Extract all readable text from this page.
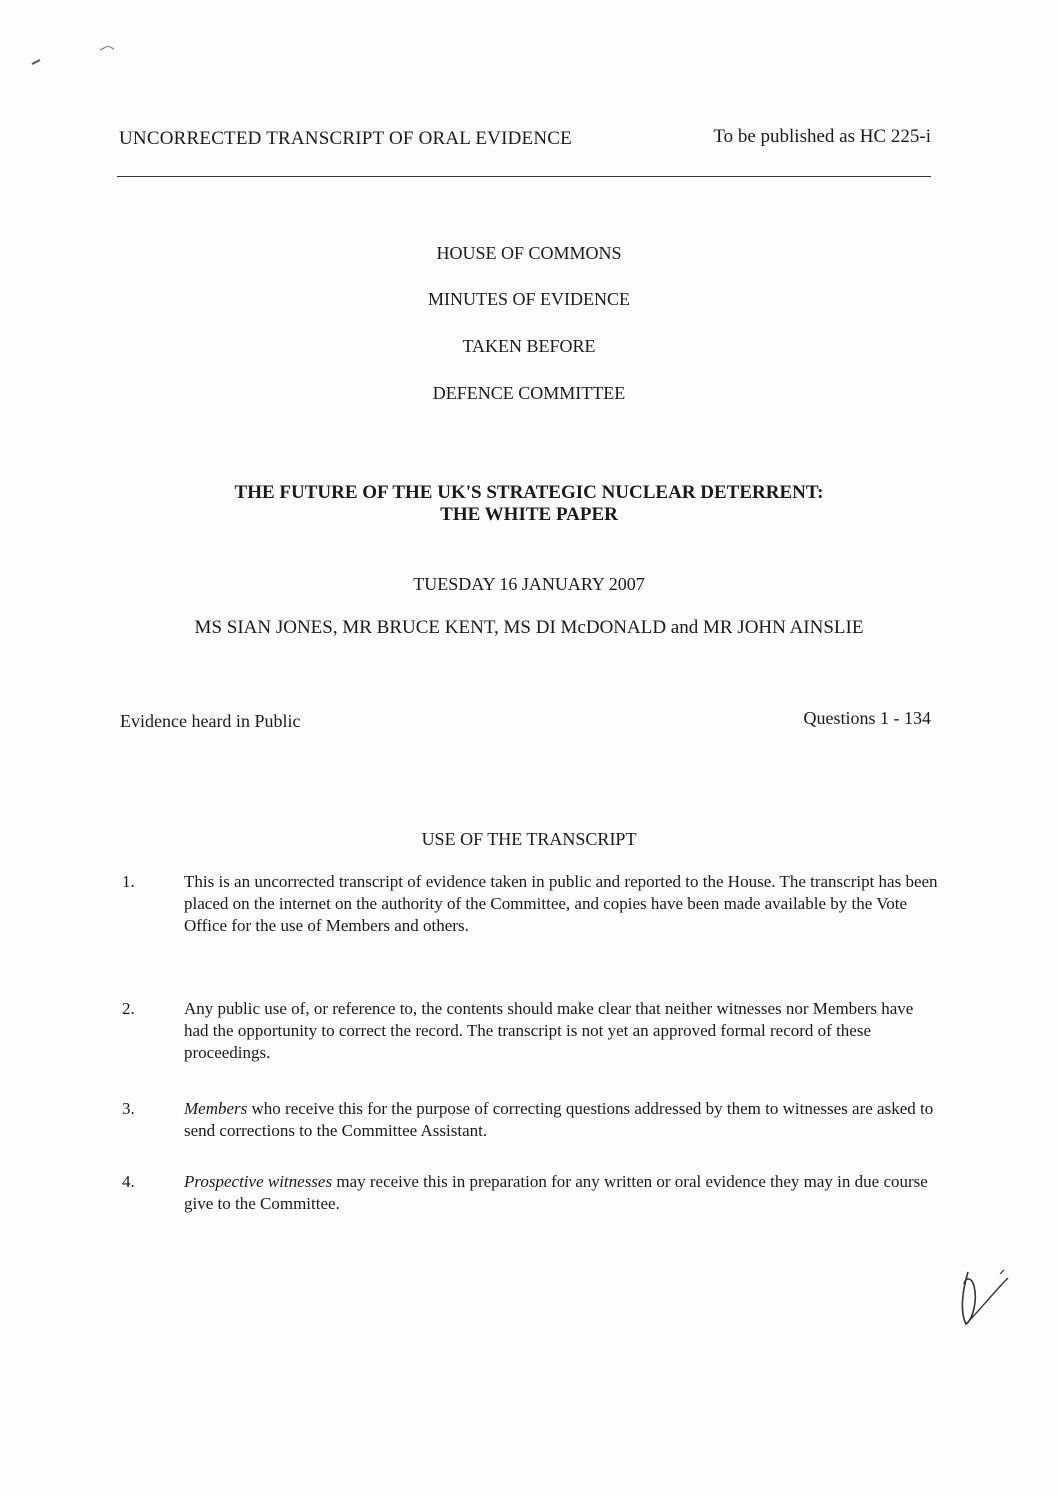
UNCORRECTED TRANSCRIPT OF ORAL EVIDENCE	To be published as HC 225-i
HOUSE OF COMMONS
MINUTES OF EVIDENCE
TAKEN BEFORE
DEFENCE COMMITTEE
THE FUTURE OF THE UK'S STRATEGIC NUCLEAR DETERRENT:
THE WHITE PAPER
TUESDAY 16 JANUARY 2007
MS SIAN JONES, MR BRUCE KENT, MS DI McDONALD and MR JOHN AINSLIE
Evidence heard in Public	Questions 1 - 134
USE OF THE TRANSCRIPT
1.	This is an uncorrected transcript of evidence taken in public and reported to the House. The transcript has been placed on the internet on the authority of the Committee, and copies have been made available by the Vote Office for the use of Members and others.
2.	Any public use of, or reference to, the contents should make clear that neither witnesses nor Members have had the opportunity to correct the record. The transcript is not yet an approved formal record of these proceedings.
3.	Members who receive this for the purpose of correcting questions addressed by them to witnesses are asked to send corrections to the Committee Assistant.
4.	Prospective witnesses may receive this in preparation for any written or oral evidence they may in due course give to the Committee.
